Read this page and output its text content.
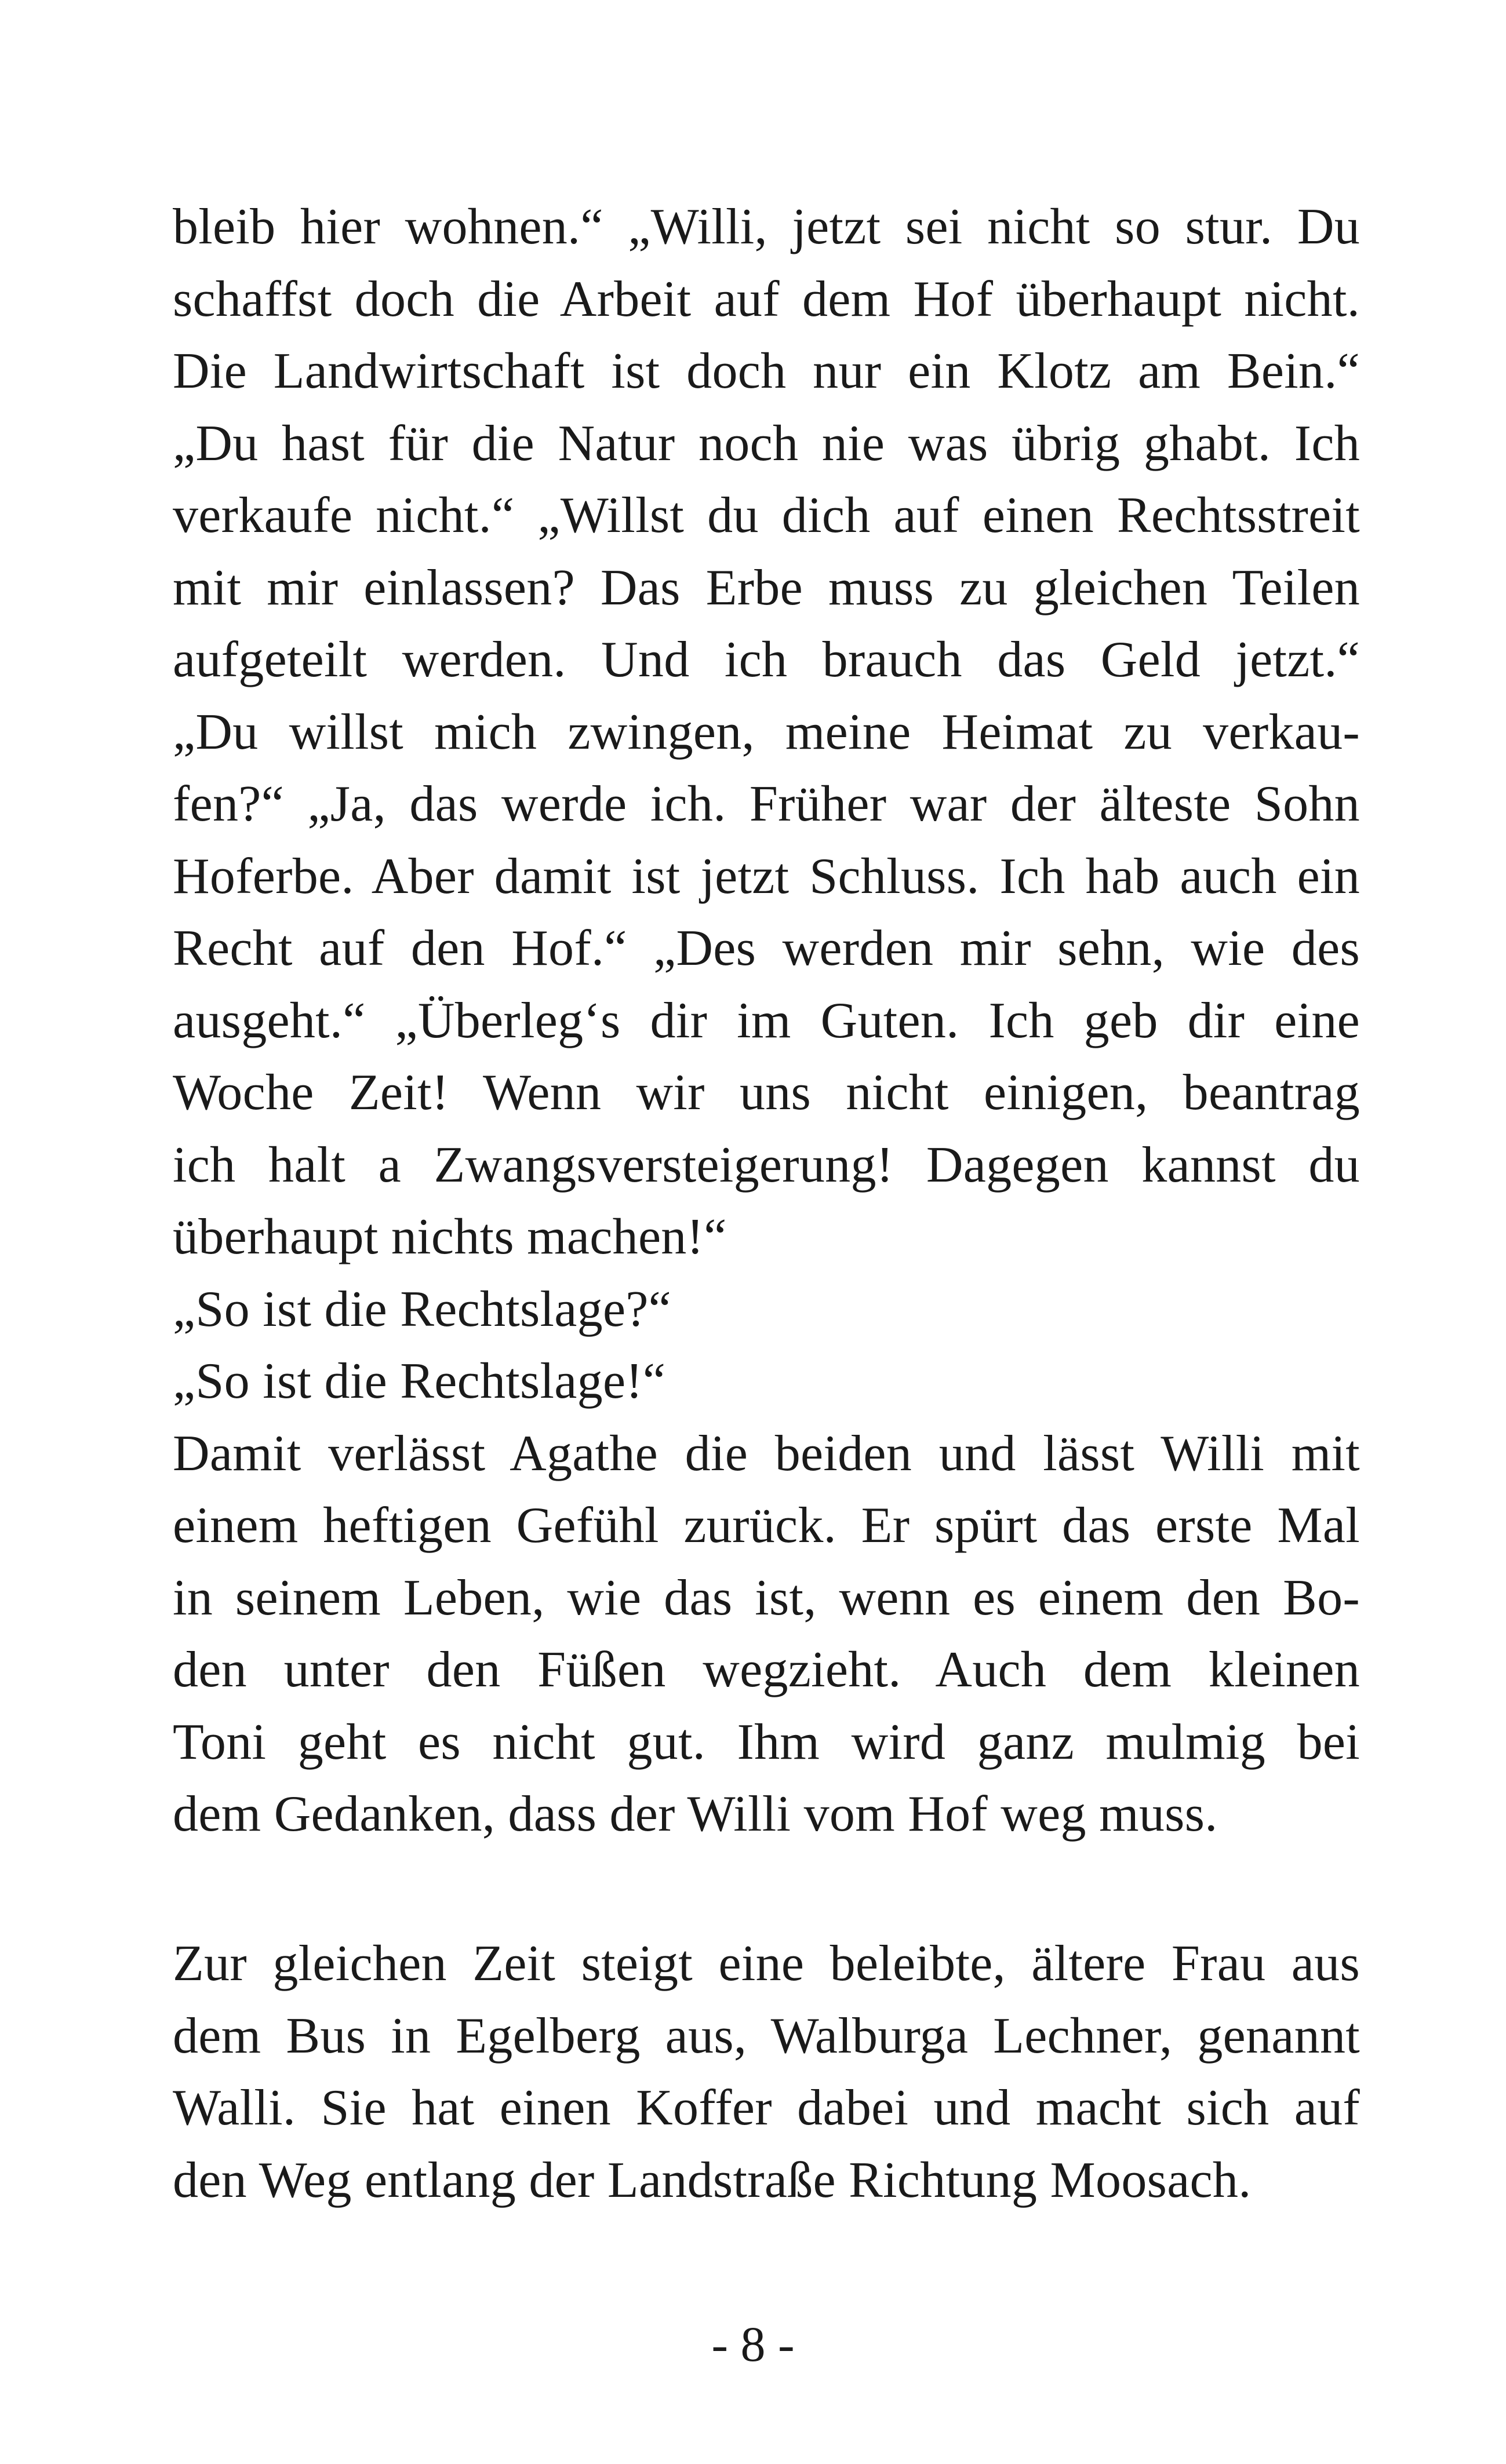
bleib hier wohnen.“ „Willi, jetzt sei nicht so stur. Du
schaffst doch die Arbeit auf dem Hof überhaupt nicht.
Die Landwirtschaft ist doch nur ein Klotz am Bein.“
„Du hast für die Natur noch nie was übrig ghabt. Ich
verkaufe nicht.“ „Willst du dich auf einen Rechtsstreit
mit mir einlassen? Das Erbe muss zu gleichen Teilen
aufgeteilt werden. Und ich brauch das Geld jetzt.“
„Du willst mich zwingen, meine Heimat zu verkau-
fen?“ „Ja, das werde ich. Früher war der älteste Sohn
Hoferbe. Aber damit ist jetzt Schluss. Ich hab auch ein
Recht auf den Hof.“ „Des werden mir sehn, wie des
ausgeht.“ „Überleg‘s dir im Guten. Ich geb dir eine
Woche Zeit! Wenn wir uns nicht einigen, beantrag
ich halt a Zwangsversteigerung! Dagegen kannst du
überhaupt nichts machen!“
„So ist die Rechtslage?“
„So ist die Rechtslage!“
Damit verlässt Agathe die beiden und lässt Willi mit
einem heftigen Gefühl zurück. Er spürt das erste Mal
in seinem Leben, wie das ist, wenn es einem den Bo-
den unter den Füßen wegzieht. Auch dem kleinen
Toni geht es nicht gut. Ihm wird ganz mulmig bei
dem Gedanken, dass der Willi vom Hof weg muss.
Zur gleichen Zeit steigt eine beleibte, ältere Frau aus
dem Bus in Egelberg aus, Walburga Lechner, genannt
Walli. Sie hat einen Koffer dabei und macht sich auf
den Weg entlang der Landstraße Richtung Moosach.
- 8 -
